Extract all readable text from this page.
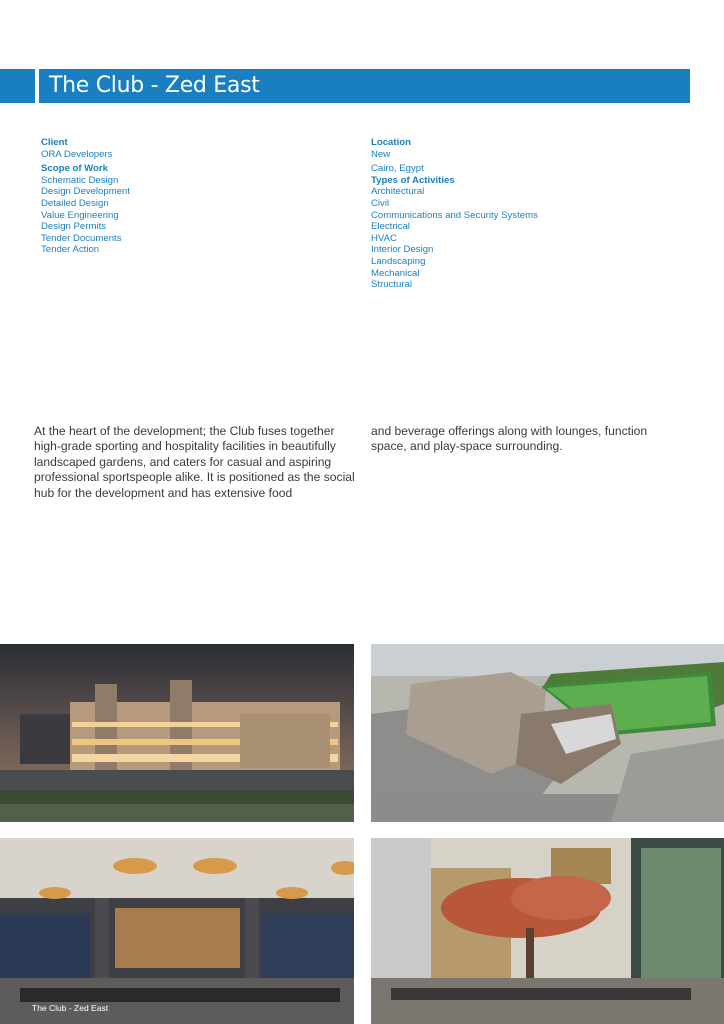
The Club - Zed East
Client
ORA Developers
Scope of Work
Schematic Design
Design Development
Detailed Design
Value Engineering
Design Permits
Tender Documents
Tender Action
Location
New
Cairo, Egypt
Types of Activities
Architectural
Civil
Communications and Security Systems
Electrical
HVAC
Interior Design
Landscaping
Mechanical
Structural
At the heart of the development; the Club fuses together high-grade sporting and hospitality facilities in beautifully landscaped gardens, and caters for casual and aspiring professional sportspeople alike. It is positioned as the social hub for the development and has extensive food
and beverage offerings along with lounges, function space, and play-space surrounding.
The Club - Zed East
